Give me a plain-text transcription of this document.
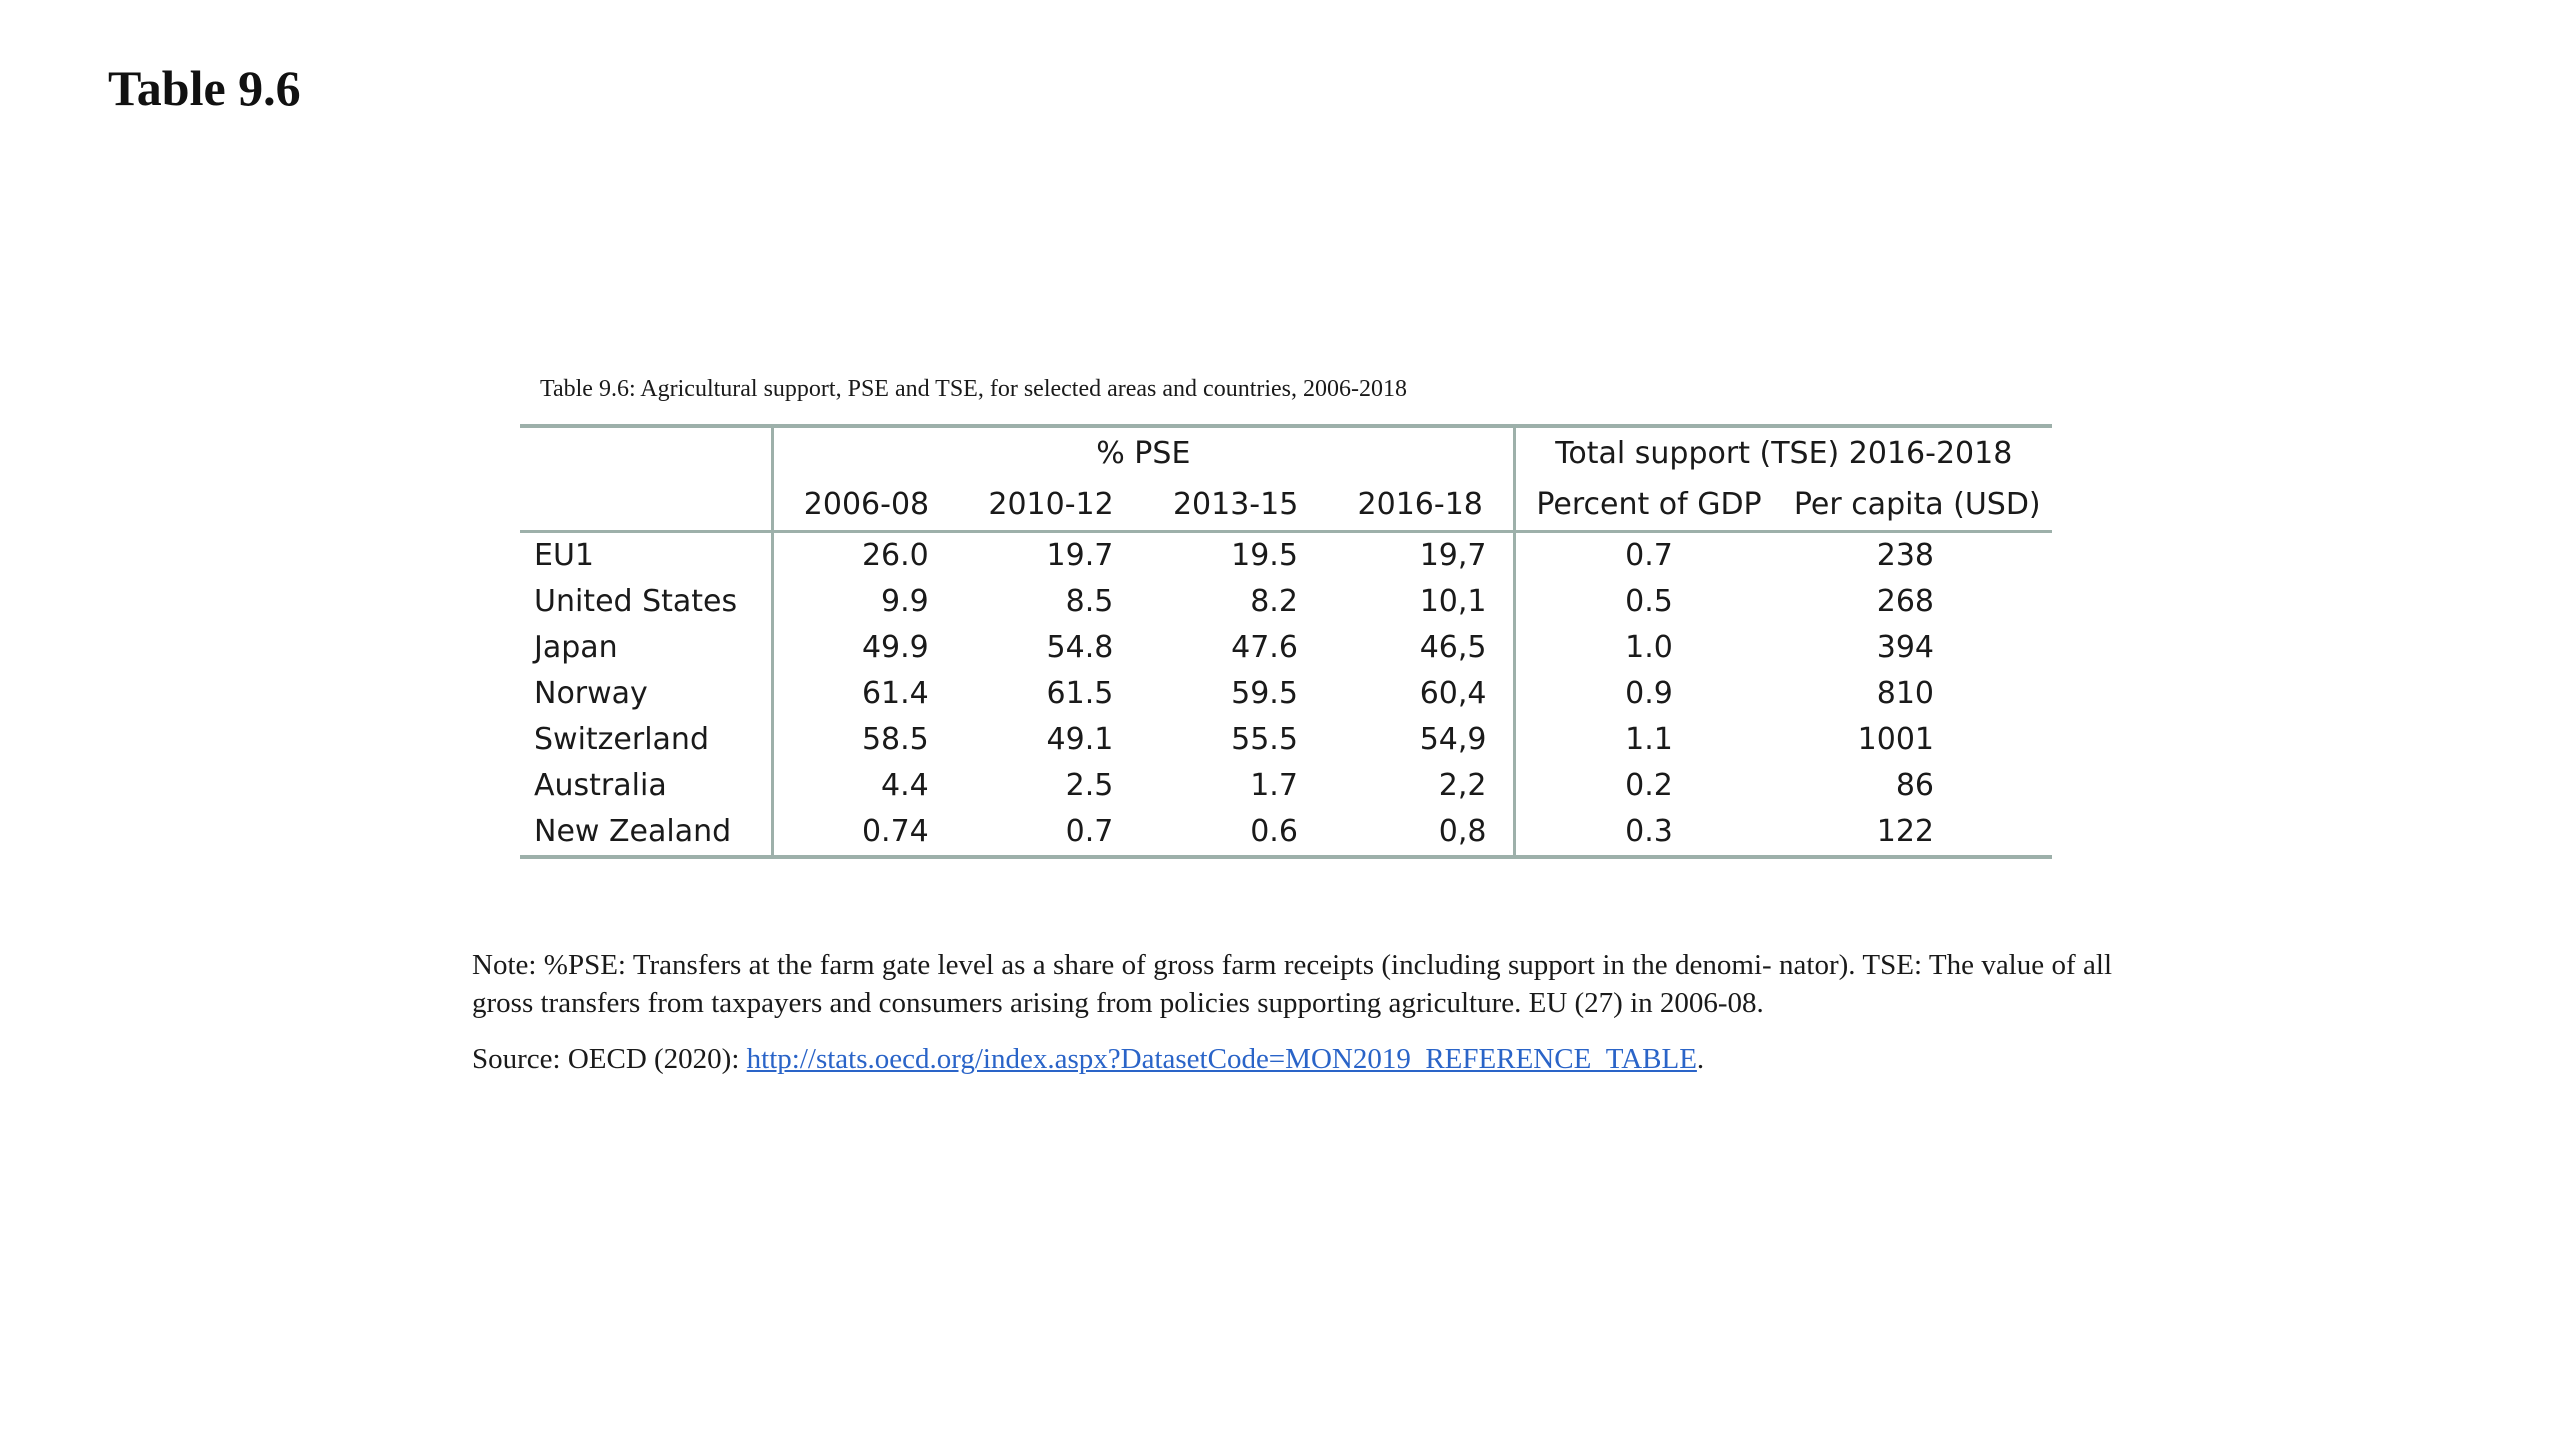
Table 9.6
Table 9.6: Agricultural support, PSE and TSE, for selected areas and countries, 2006-2018
	% PSE				Total support (TSE) 2016-2018	
	2006-08	2010-12	2013-15	2016-18	Percent of GDP	Per capita (USD)
EU1	26.0	19.7	19.5	19,7	0.7	238
United States	9.9	8.5	8.2	10,1	0.5	268
Japan	49.9	54.8	47.6	46,5	1.0	394
Norway	61.4	61.5	59.5	60,4	0.9	810
Switzerland	58.5	49.1	55.5	54,9	1.1	1001
Australia	4.4	2.5	1.7	2,2	0.2	86
New Zealand	0.74	0.7	0.6	0,8	0.3	122

Note: %PSE: Transfers at the farm gate level as a share of gross farm receipts (including support in the denomi- nator). TSE: The value of all gross transfers from taxpayers and consumers arising from policies supporting agriculture. EU (27) in 2006-08.

Source: OECD (2020): http://stats.oecd.org/index.aspx?DatasetCode=MON2019_REFERENCE_TABLE.
